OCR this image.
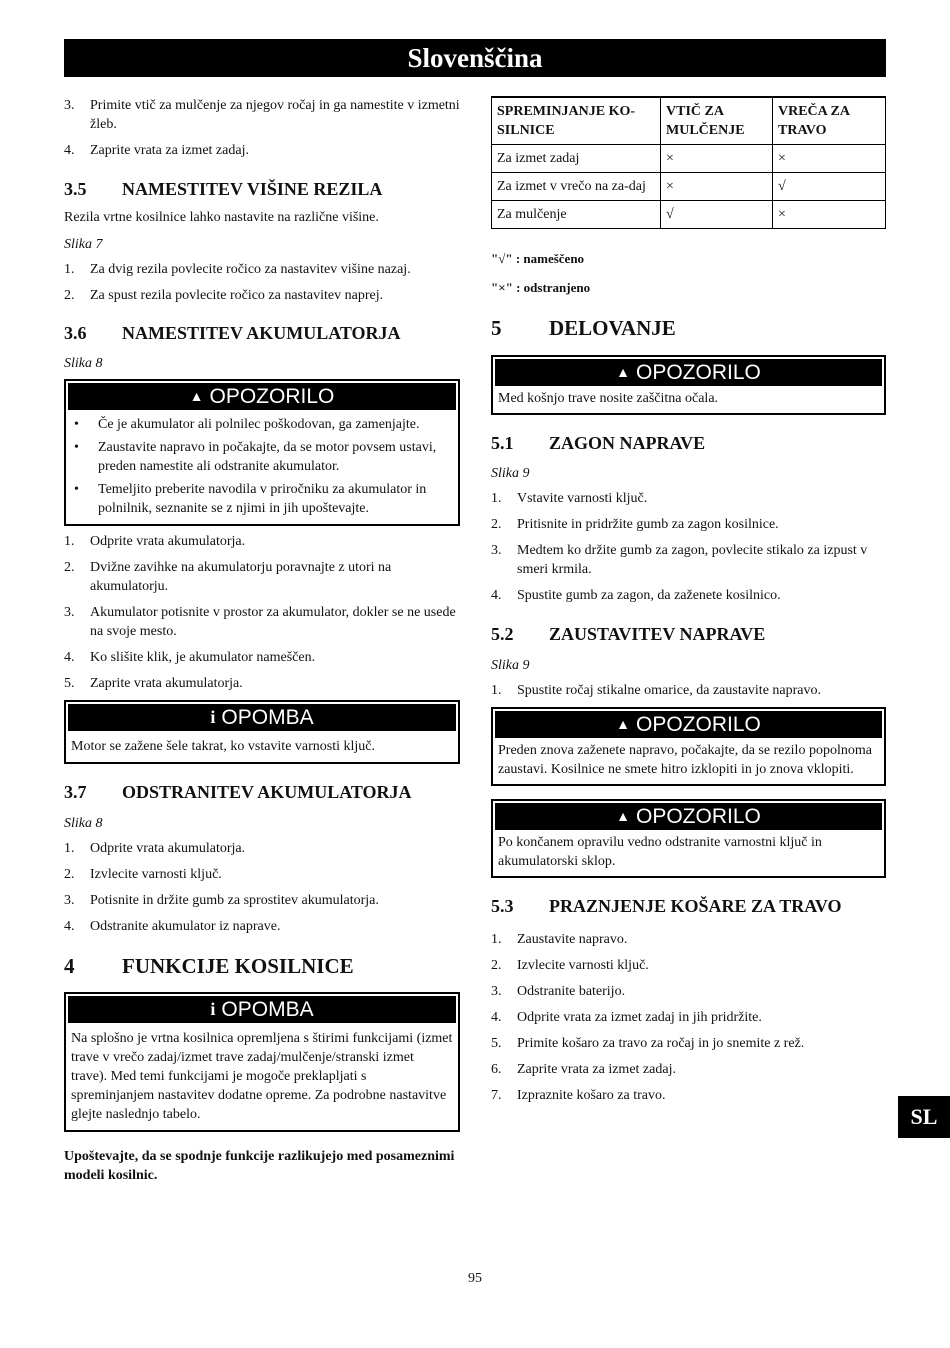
Slovenščina
3. Primite vtič za mulčenje za njegov ročaj in ga namestite v izmetni žleb.
4. Zaprite vrata za izmet zadaj.
3.5 NAMESTITEV VIŠINE REZILA

Rezila vrtne kosilnice lahko nastavite na različne višine.

Slika 7
1. Za dvig rezila povlecite ročico za nastavitev višine nazaj.
2. Za spust rezila povlecite ročico za nastavitev naprej.
3.6 NAMESTITEV AKUMULATORJA
Slika 8
▲ OPOZORILO
• Če je akumulator ali polnilec poškodovan, ga zamenjajte.
• Zaustavite napravo in počakajte, da se motor povsem ustavi, preden namestite ali odstranite akumulator.
• Temeljito preberite navodila v priročniku za akumulator in polnilnik, seznanite se z njimi in jih upoštevajte.
1. Odprite vrata akumulatorja.
2. Dvižne zavihke na akumulatorju poravnajte z utori na akumulatorju.
3. Akumulator potisnite v prostor za akumulator, dokler se ne usede na svoje mesto.
4. Ko slišite klik, je akumulator nameščen.
5. Zaprite vrata akumulatorja.
i OPOMBA
Motor se zažene šele takrat, ko vstavite varnosti ključ.
3.7 ODSTRANITEV AKUMULATORJA
Slika 8
1. Odprite vrata akumulatorja.
2. Izvlecite varnosti ključ.
3. Potisnite in držite gumb za sprostitev akumulatorja.
4. Odstranite akumulator iz naprave.
4 FUNKCIJE KOSILNICE
i OPOMBA
Na splošno je vrtna kosilnica opremljena s štirimi funkcijami (izmet trave v vrečo zadaj/izmet trave zadaj/mulčenje/stranski izmet trave). Med temi funkcijami je mogoče preklapljati s spreminjanjem nastavitev dodatne opreme. Za podrobne nastavitve glejte naslednjo tabelo.

Upoštevajte, da se spodnje funkcije razlikujejo med posameznimi modeli kosilnic.

SPREMINJANJE KO-SILNICE	VTIČ ZA MULČENJE	VREČA ZA TRAVO
Za izmet zadaj	×	×
Za izmet v vrečo na za-daj	×	√
Za mulčenje	√	×
"√" : nameščeno
"×" : odstranjeno
5 DELOVANJE
▲ OPOZORILO
Med košnjo trave nosite zaščitna očala.
5.1 ZAGON NAPRAVE
Slika 9
1. Vstavite varnosti ključ.
2. Pritisnite in pridržite gumb za zagon kosilnice.
3. Medtem ko držite gumb za zagon, povlecite stikalo za izpust v smeri krmila.
4. Spustite gumb za zagon, da zaženete kosilnico.
5.2 ZAUSTAVITEV NAPRAVE
Slika 9
1. Spustite ročaj stikalne omarice, da zaustavite napravo.
▲ OPOZORILO
Preden znova zaženete napravo, počakajte, da se rezilo popolnoma zaustavi. Kosilnice ne smete hitro izklopiti in jo znova vklopiti.
▲ OPOZORILO
Po končanem opravilu vedno odstranite varnostni ključ in akumulatorski sklop.
5.3 PRAZNJENJE KOŠARE ZA TRAVO
1. Zaustavite napravo.
2. Izvlecite varnosti ključ.
3. Odstranite baterijo.
4. Odprite vrata za izmet zadaj in jih pridržite.
5. Primite košaro za travo za ročaj in jo snemite z rež.
6. Zaprite vrata za izmet zadaj.
7. Izpraznite košaro za travo.
SL
95
